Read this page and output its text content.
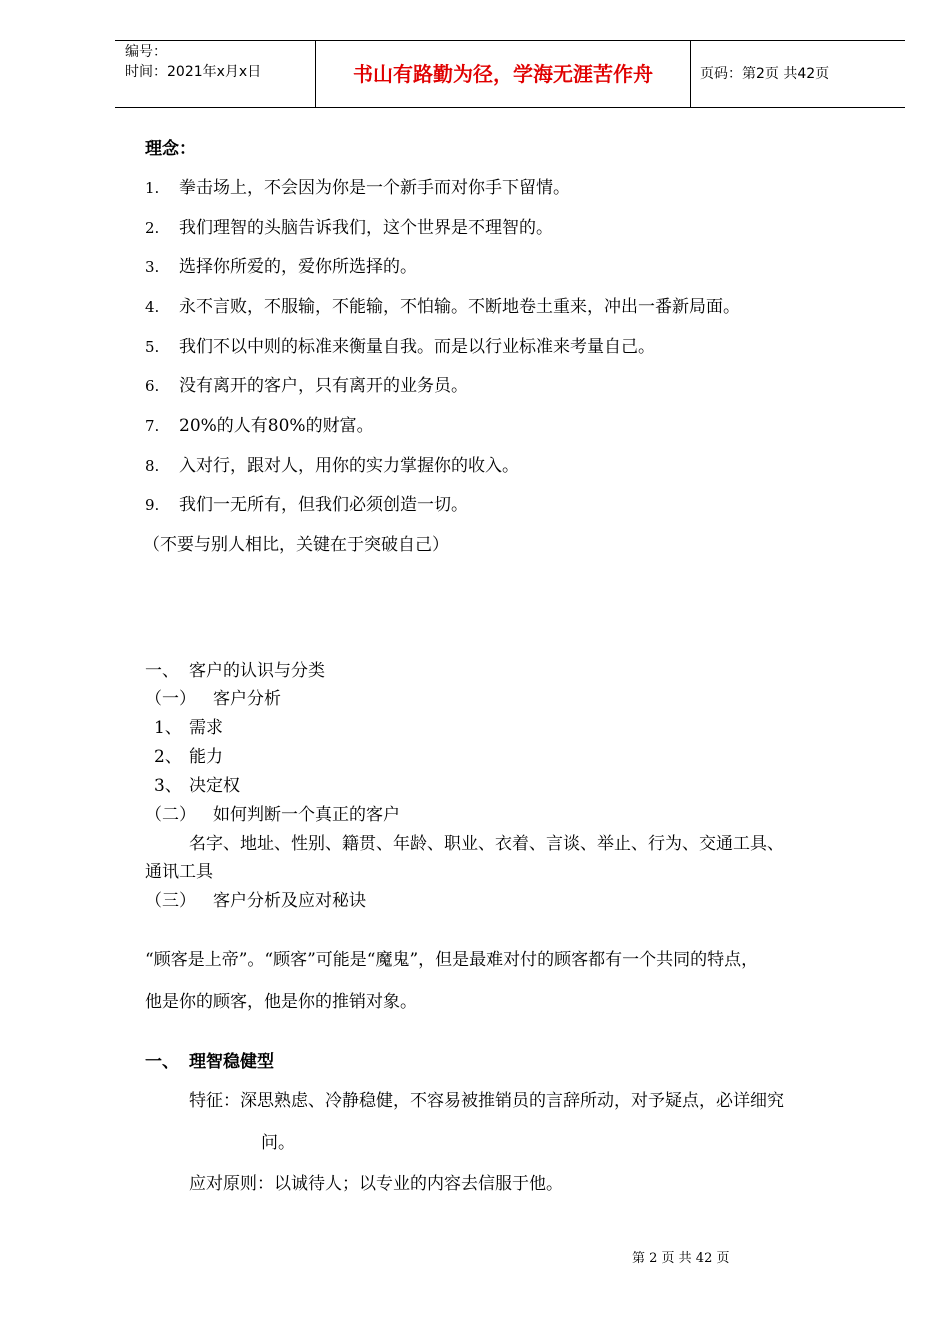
编号：
时间：2021年x月x日	书山有路勤为径，学海无涯苦作舟	页码：第2页 共42页
理念：
1. 拳击场上，不会因为你是一个新手而对你手下留情。
2. 我们理智的头脑告诉我们，这个世界是不理智的。
3. 选择你所爱的，爱你所选择的。
4. 永不言败，不服输，不能输，不怕输。不断地卷土重来，冲出一番新局面。
5. 我们不以中则的标准来衡量自我。而是以行业标准来考量自己。
6. 没有离开的客户，只有离开的业务员。
7. 20%的人有80%的财富。
8. 入对行，跟对人，用你的实力掌握你的收入。
9. 我们一无所有，但我们必须创造一切。
（不要与别人相比，关键在于突破自己）
一、 客户的认识与分类
（一） 客户分析
1、 需求
2、 能力
3、 决定权
（二） 如何判断一个真正的客户
名字、地址、性别、籍贯、年龄、职业、衣着、言谈、举止、行为、交通工具、
通讯工具
（三） 客户分析及应对秘诀
“顾客是上帝”。“顾客”可能是“魔鬼”，但是最难对付的顾客都有一个共同的特点，
他是你的顾客，他是你的推销对象。
一、 理智稳健型
特征：深思熟虑、冷静稳健，不容易被推销员的言辞所动，对予疑点，必详细究
问。
应对原则：以诚待人；以专业的内容去信服于他。
第 2 页 共 42 页
